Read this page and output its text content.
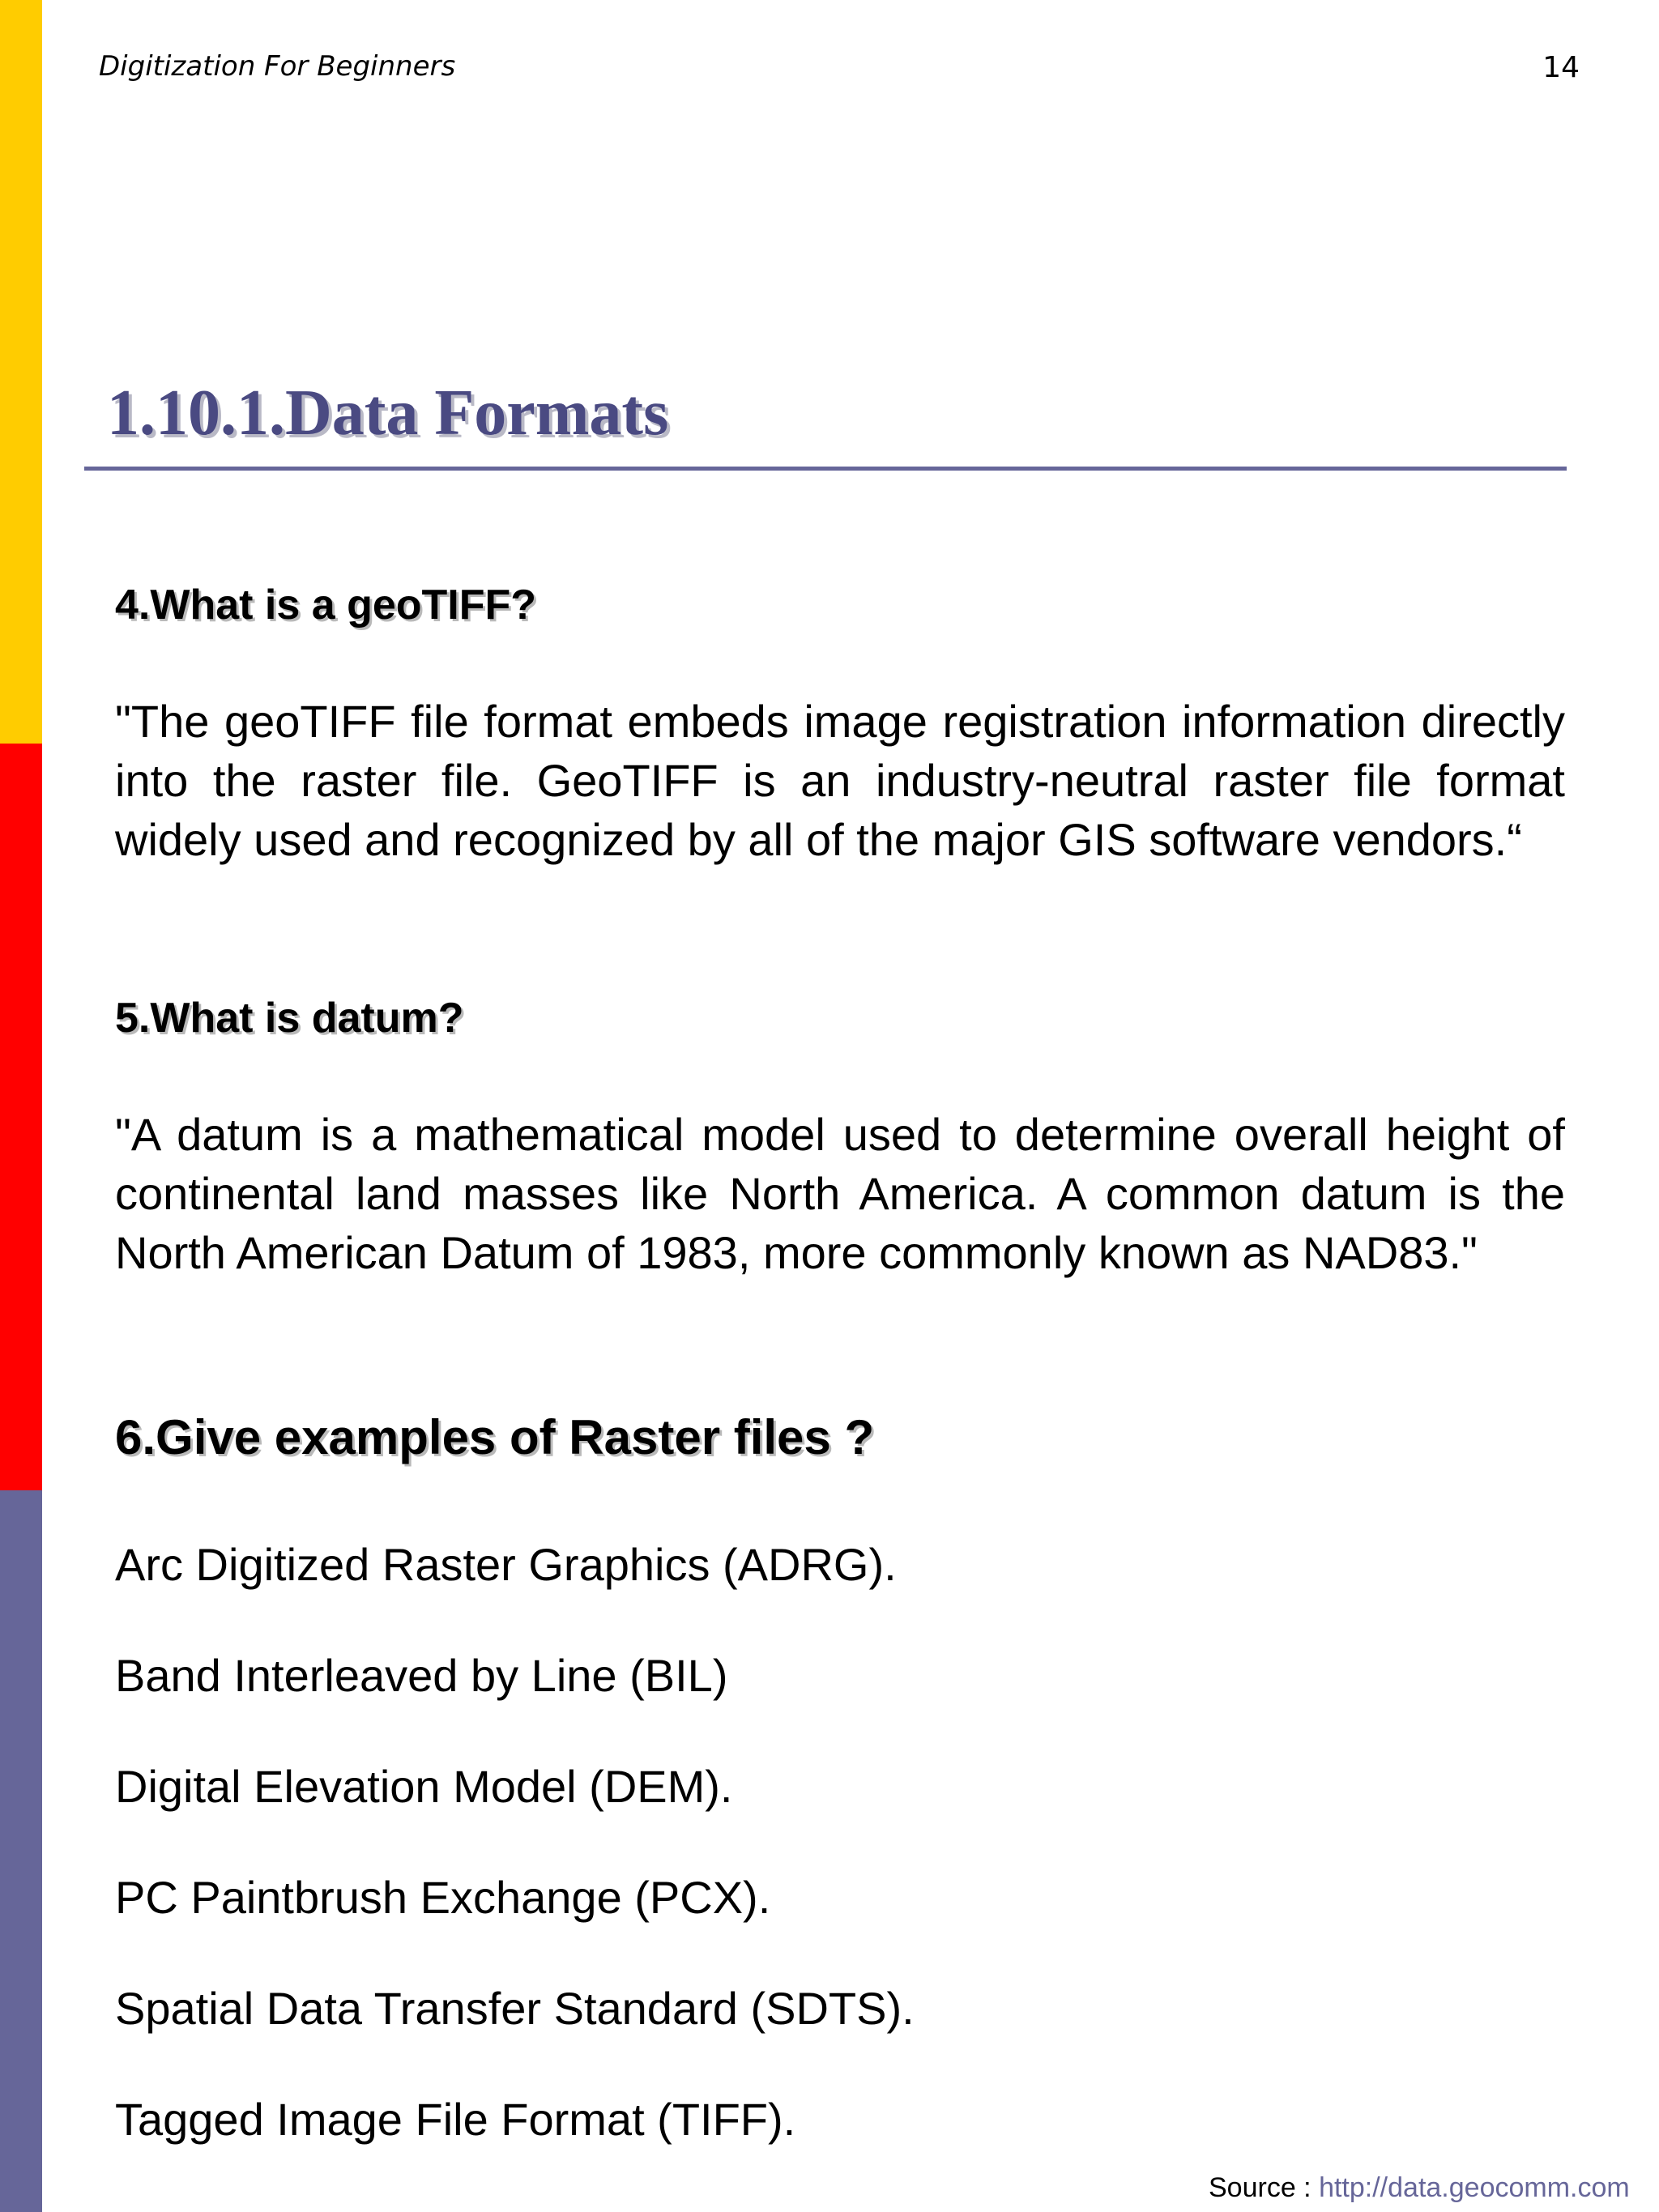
Digitization For Beginners	14
1.10.1.Data Formats
4.What is a geoTIFF?
"The geoTIFF file format embeds image registration information directly into the raster file. GeoTIFF is an industry-neutral raster file format widely used and recognized by all of the major GIS software vendors.“
5.What is datum?
"A datum is a mathematical model used to determine overall height of continental land masses like North America. A common datum is the North American Datum of 1983, more commonly known as NAD83."
6.Give examples of Raster files ?
Arc Digitized Raster Graphics (ADRG).
Band Interleaved by Line (BIL)
Digital Elevation Model (DEM).
PC Paintbrush Exchange (PCX).
Spatial Data Transfer Standard (SDTS).
Tagged Image File Format (TIFF).
Source : http://data.geocomm.com
